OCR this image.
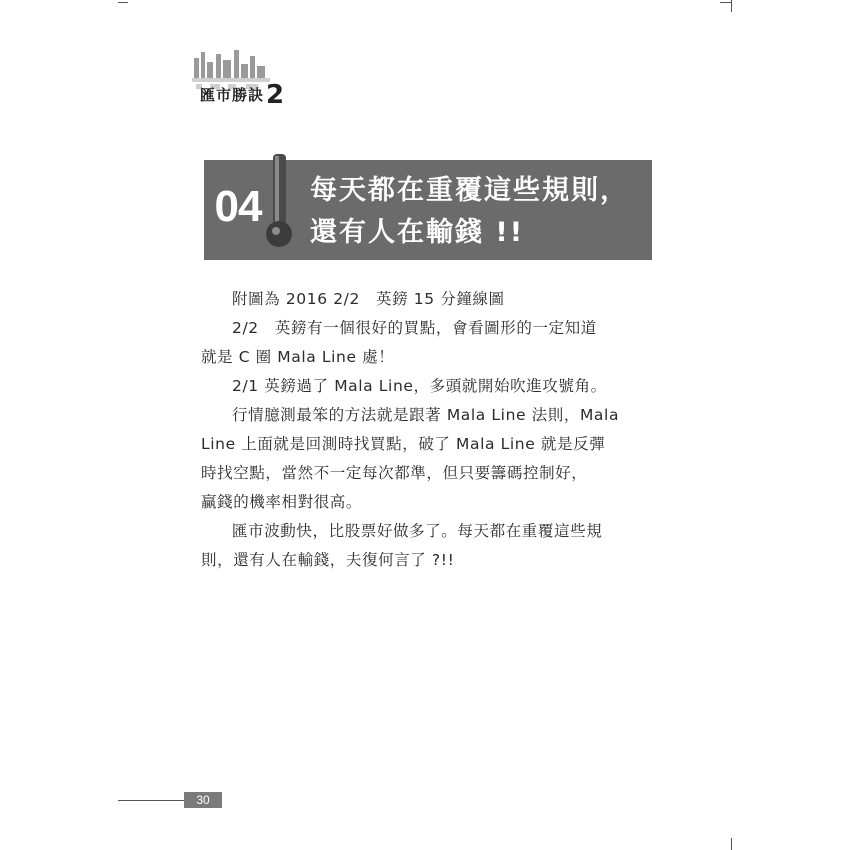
匯市勝訣2
04	每天都在重覆這些規則，
還有人在輸錢 !!

附圖為 2016 2/2　英鎊 15 分鐘線圖

2/2　英鎊有一個很好的買點，會看圖形的一定知道

就是 C 圈 Mala Line 處！

2/1 英鎊過了 Mala Line，多頭就開始吹進攻號角。

行情臆測最笨的方法就是跟著 Mala Line 法則，Mala

Line 上面就是回測時找買點，破了 Mala Line 就是反彈

時找空點，當然不一定每次都準，但只要籌碼控制好，

贏錢的機率相對很高。

匯市波動快，比股票好做多了。每天都在重覆這些規

則，還有人在輸錢，夫復何言了 ?!!

30
